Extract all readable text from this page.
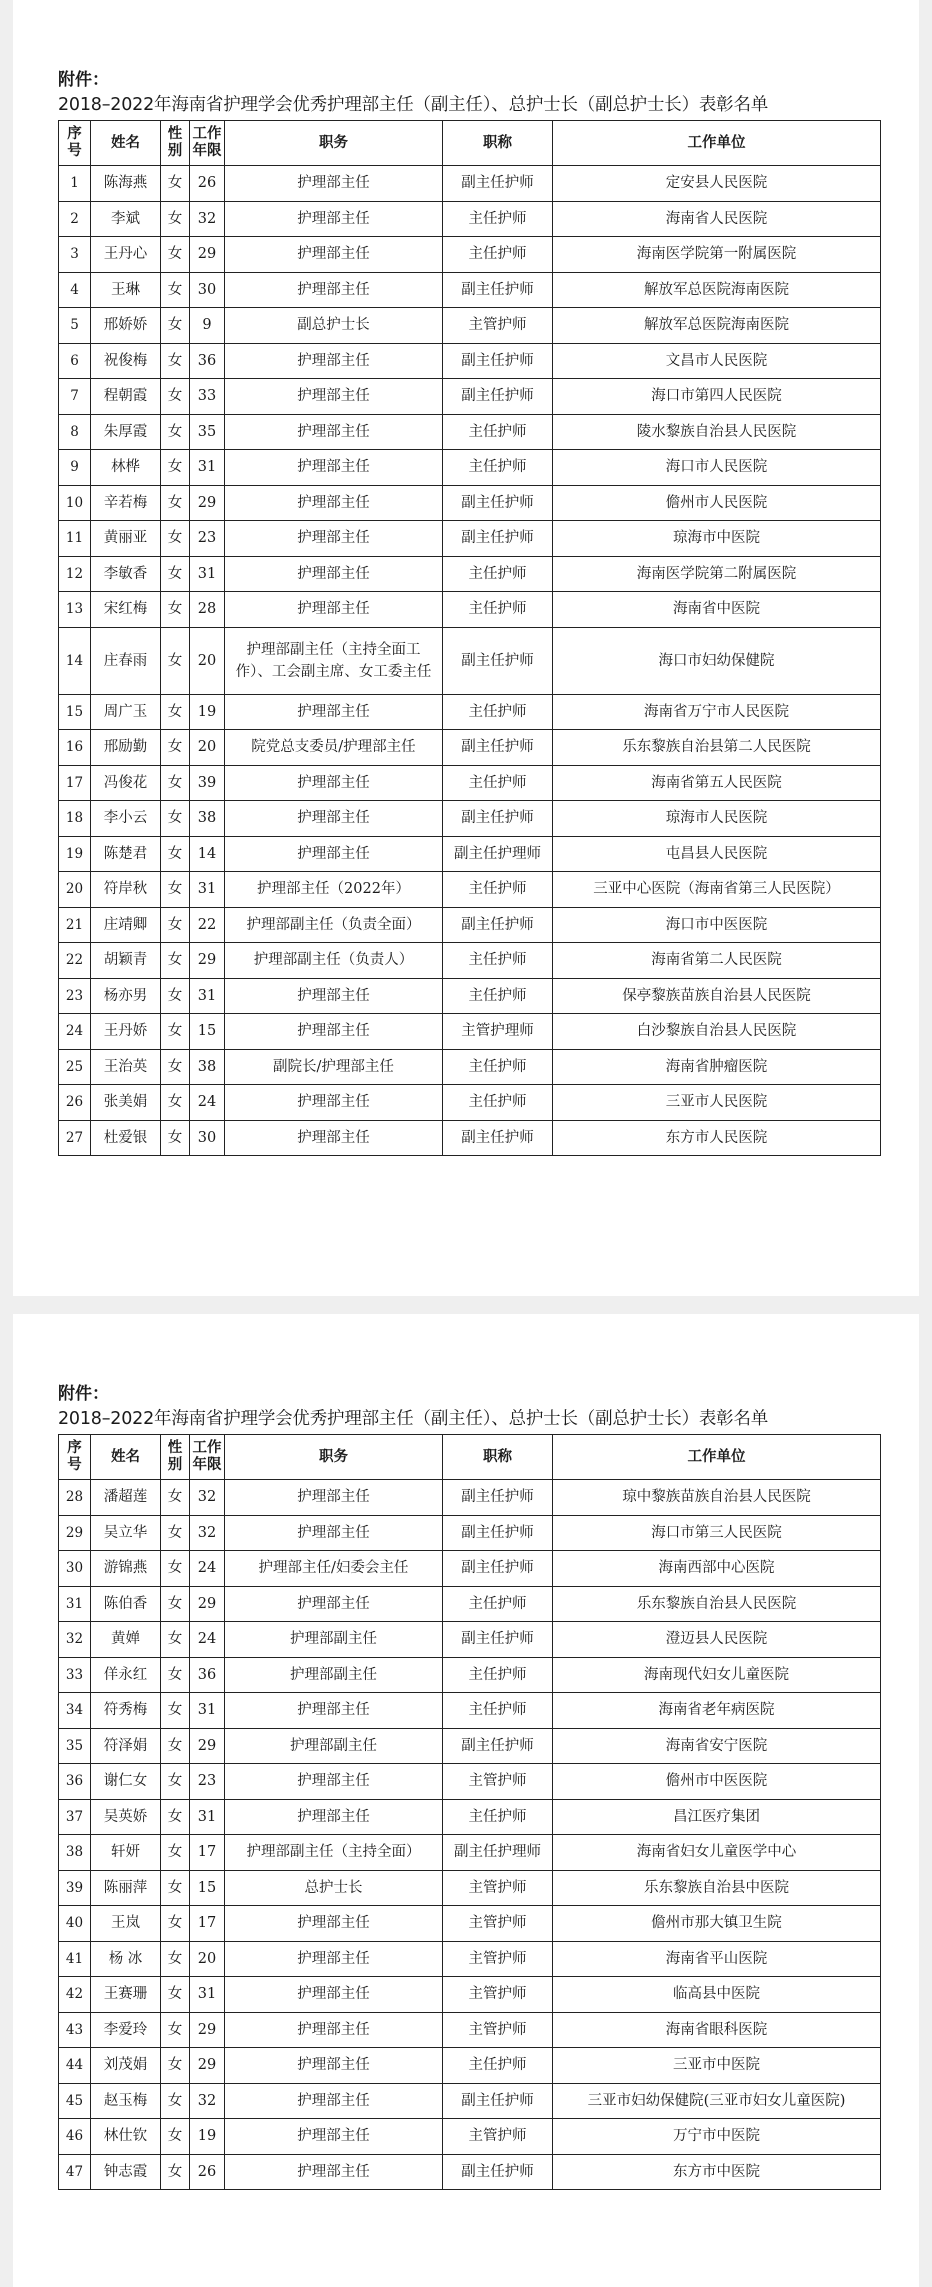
附件：
2018–2022年海南省护理学会优秀护理部主任（副主任）、总护士长（副总护士长）表彰名单
序号	姓名	性别	工作年限	职务	职称	工作单位
1	陈海燕	女	26	护理部主任	副主任护师	定安县人民医院
2	李斌	女	32	护理部主任	主任护师	海南省人民医院
3	王丹心	女	29	护理部主任	主任护师	海南医学院第一附属医院
4	王琳	女	30	护理部主任	副主任护师	解放军总医院海南医院
5	邢娇娇	女	9	副总护士长	主管护师	解放军总医院海南医院
6	祝俊梅	女	36	护理部主任	副主任护师	文昌市人民医院
7	程朝霞	女	33	护理部主任	副主任护师	海口市第四人民医院
8	朱厚霞	女	35	护理部主任	主任护师	陵水黎族自治县人民医院
9	林桦	女	31	护理部主任	主任护师	海口市人民医院
10	辛若梅	女	29	护理部主任	副主任护师	儋州市人民医院
11	黄丽亚	女	23	护理部主任	副主任护师	琼海市中医院
12	李敏香	女	31	护理部主任	主任护师	海南医学院第二附属医院
13	宋红梅	女	28	护理部主任	主任护师	海南省中医院
14	庄春雨	女	20	护理部副主任（主持全面工作）、工会副主席、女工委主任	副主任护师	海口市妇幼保健院
15	周广玉	女	19	护理部主任	主任护师	海南省万宁市人民医院
16	邢励勤	女	20	院党总支委员/护理部主任	副主任护师	乐东黎族自治县第二人民医院
17	冯俊花	女	39	护理部主任	主任护师	海南省第五人民医院
18	李小云	女	38	护理部主任	副主任护师	琼海市人民医院
19	陈楚君	女	14	护理部主任	副主任护理师	屯昌县人民医院
20	符岸秋	女	31	护理部主任（2022年）	主任护师	三亚中心医院（海南省第三人民医院）
21	庄靖卿	女	22	护理部副主任（负责全面）	副主任护师	海口市中医医院
22	胡颖青	女	29	护理部副主任（负责人）	主任护师	海南省第二人民医院
23	杨亦男	女	31	护理部主任	主任护师	保亭黎族苗族自治县人民医院
24	王丹娇	女	15	护理部主任	主管护理师	白沙黎族自治县人民医院
25	王治英	女	38	副院长/护理部主任	主任护师	海南省肿瘤医院
26	张美娟	女	24	护理部主任	主任护师	三亚市人民医院
27	杜爱银	女	30	护理部主任	副主任护师	东方市人民医院
附件：
2018–2022年海南省护理学会优秀护理部主任（副主任）、总护士长（副总护士长）表彰名单
序号	姓名	性别	工作年限	职务	职称	工作单位
28	潘超莲	女	32	护理部主任	副主任护师	琼中黎族苗族自治县人民医院
29	吴立华	女	32	护理部主任	副主任护师	海口市第三人民医院
30	游锦燕	女	24	护理部主任/妇委会主任	副主任护师	海南西部中心医院
31	陈伯香	女	29	护理部主任	主任护师	乐东黎族自治县人民医院
32	黄婵	女	24	护理部副主任	副主任护师	澄迈县人民医院
33	佯永红	女	36	护理部副主任	主任护师	海南现代妇女儿童医院
34	符秀梅	女	31	护理部主任	主任护师	海南省老年病医院
35	符泽娟	女	29	护理部副主任	副主任护师	海南省安宁医院
36	谢仁女	女	23	护理部主任	主管护师	儋州市中医医院
37	吴英娇	女	31	护理部主任	主任护师	昌江医疗集团
38	轩妍	女	17	护理部副主任（主持全面）	副主任护理师	海南省妇女儿童医学中心
39	陈丽萍	女	15	总护士长	主管护师	乐东黎族自治县中医院
40	王岚	女	17	护理部主任	主管护师	儋州市那大镇卫生院
41	杨 冰	女	20	护理部主任	主管护师	海南省平山医院
42	王赛珊	女	31	护理部主任	主管护师	临高县中医院
43	李爱玲	女	29	护理部主任	主管护师	海南省眼科医院
44	刘茂娟	女	29	护理部主任	主任护师	三亚市中医院
45	赵玉梅	女	32	护理部主任	副主任护师	三亚市妇幼保健院(三亚市妇女儿童医院)
46	林仕钦	女	19	护理部主任	主管护师	万宁市中医院
47	钟志霞	女	26	护理部主任	副主任护师	东方市中医院
